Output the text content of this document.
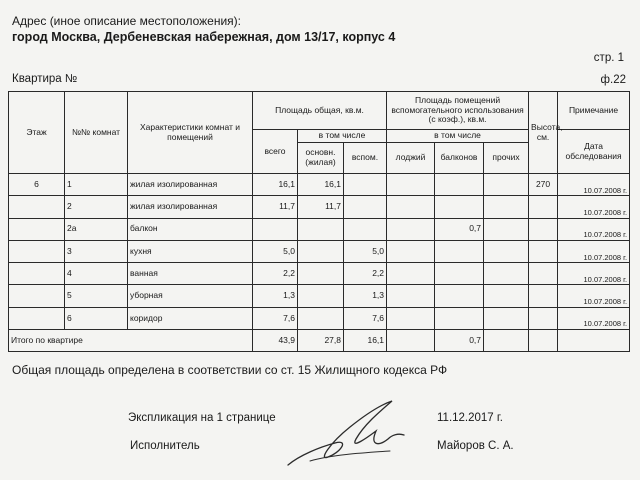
Адрес (иное описание местоположения):
город Москва, Дербеневская набережная, дом 13/17, корпус 4
стр. 1
Квартира №	ф.22
Этаж	№№ комнат	Характеристики комнат и помещений	Площадь общая, кв.м.			Площадь помещений вспомогательного использования (с коэф.), кв.м.			Высота, см.	Примечание
			всего	в том числе		в том числе				Дата обследования
				основн. (жилая)	вспом.	лоджий	балконов	прочих		
6	1	жилая изолированная	16,1	16,1					270	10.07.2008 г.
	2	жилая изолированная	11,7	11,7						10.07.2008 г.
	2а	балкон					0,7			10.07.2008 г.
	3	кухня	5,0		5,0					10.07.2008 г.
	4	ванная	2,2		2,2					10.07.2008 г.
	5	уборная	1,3		1,3					10.07.2008 г.
	6	коридор	7,6		7,6					10.07.2008 г.
Итого по квартире			43,9	27,8	16,1		0,7			
Общая площадь определена в соответствии со ст. 15 Жилищного кодекса РФ
Экспликация на 1 странице	11.12.2017 г.
Исполнитель	Майоров С. А.
